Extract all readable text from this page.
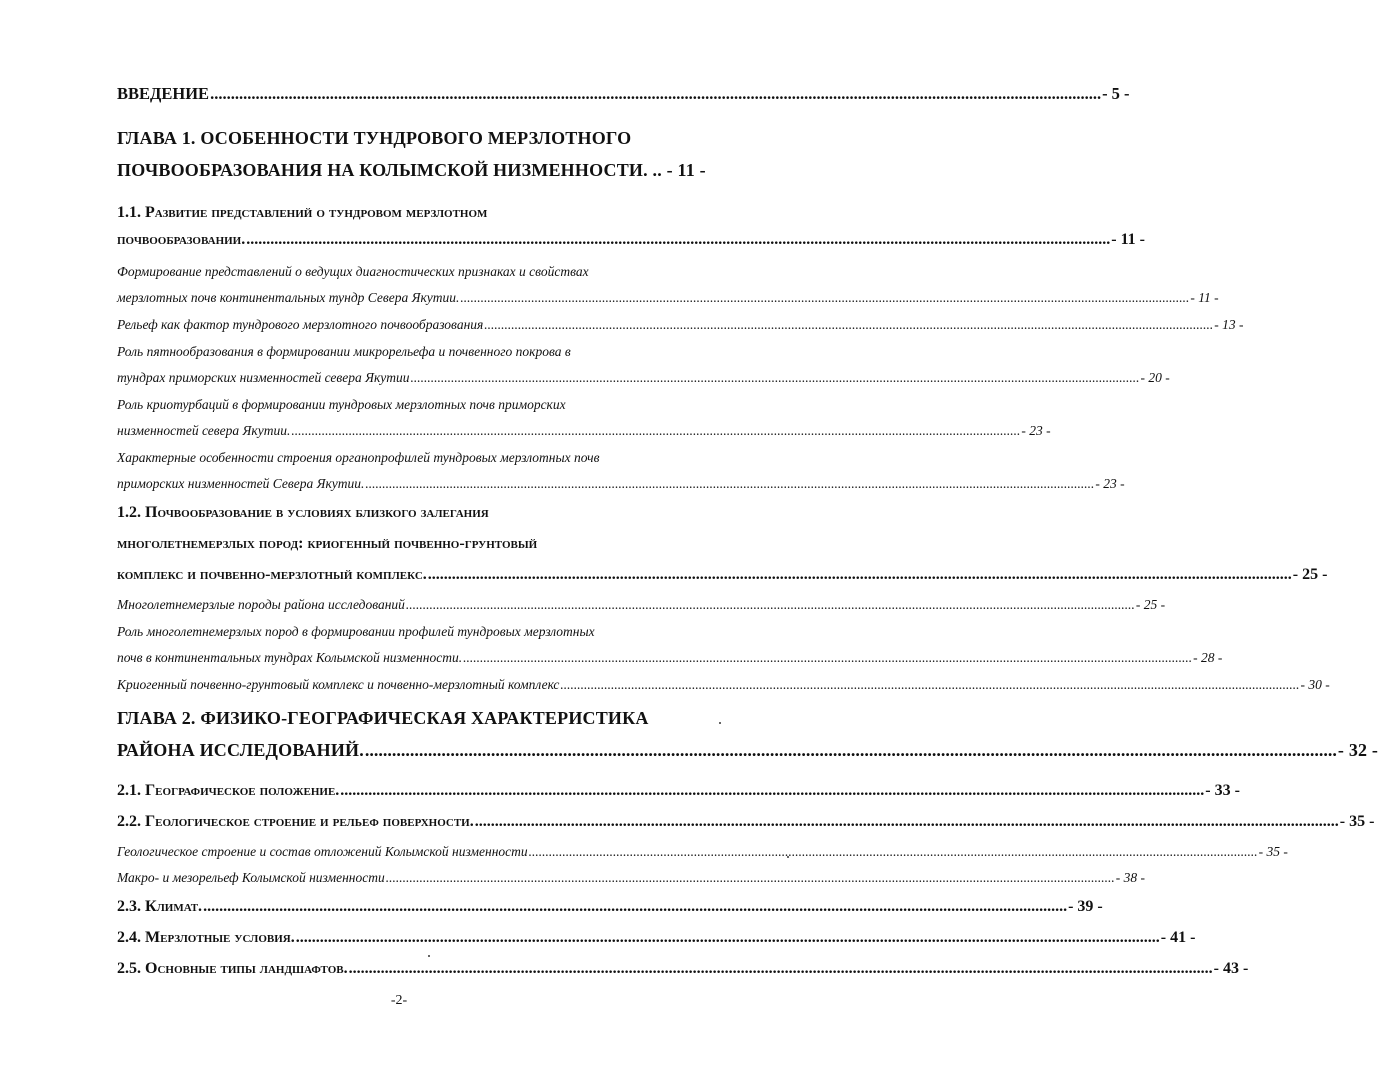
ВВЕДЕНИЕ .....	- 5 -
ГЛАВА 1. ОСОБЕННОСТИ ТУНДРОВОГО МЕРЗЛОТНОГО
ПОЧВООБРАЗОВАНИЯ НА КОЛЫМСКОЙ НИЗМЕННОСТИ. .. - 11 -
1.1. Развитие представлений о тундровом мерзлотном
почвообразовании. .....	- 11 -
Формирование представлений о ведущих диагностических признаках и свойствах
мерзлотных почв континентальных тундр Севера Якутии. .....	- 11 -
Рельеф как фактор тундрового мерзлотного почвообразования .....	- 13 -
Роль пятнообразования в формировании микрорельефа и почвенного покрова в
тундрах приморских низменностей севера Якутии .....	- 20 -
Роль криотурбаций в формировании тундровых мерзлотных почв приморских
низменностей севера Якутии. .....	- 23 -
Характерные особенности строения органопрофилей тундровых мерзлотных почв
приморских низменностей Севера Якутии. .....	- 23 -
1.2. Почвообразование в условиях близкого залегания
многолетнемерзлых пород: криогенный почвенно-грунтовый
комплекс и почвенно-мерзлотный комплекс. .....	- 25 -
Многолетнемерзлые породы района исследований .....	- 25 -
Роль многолетнемерзлых пород в формировании профилей тундровых мерзлотных
почв в континентальных тундрах Колымской низменности. .....	- 28 -
Криогенный почвенно-грунтовый комплекс и почвенно-мерзлотный комплекс	..... ... - 30 -
ГЛАВА 2. ФИЗИКО-ГЕОГРАФИЧЕСКАЯ ХАРАКТЕРИСТИКА
РАЙОНА ИССЛЕДОВАНИЙ. .....	- 32 -
2.1. Географическое положение. .....	- 33 -
2.2. Геологическое строение и рельеф поверхности. .....	- 35 -
Геологическое строение и состав отложений Колымской низменности .....	- 35 -
Макро- и мезорельеф Колымской низменности .....	- 38 -
2.3. Климат. .....	- 39 -
2.4. Мерзлотные условия. .....	- 41 -
2.5. Основные типы ландшафтов. .....	- 43 -
-2-
